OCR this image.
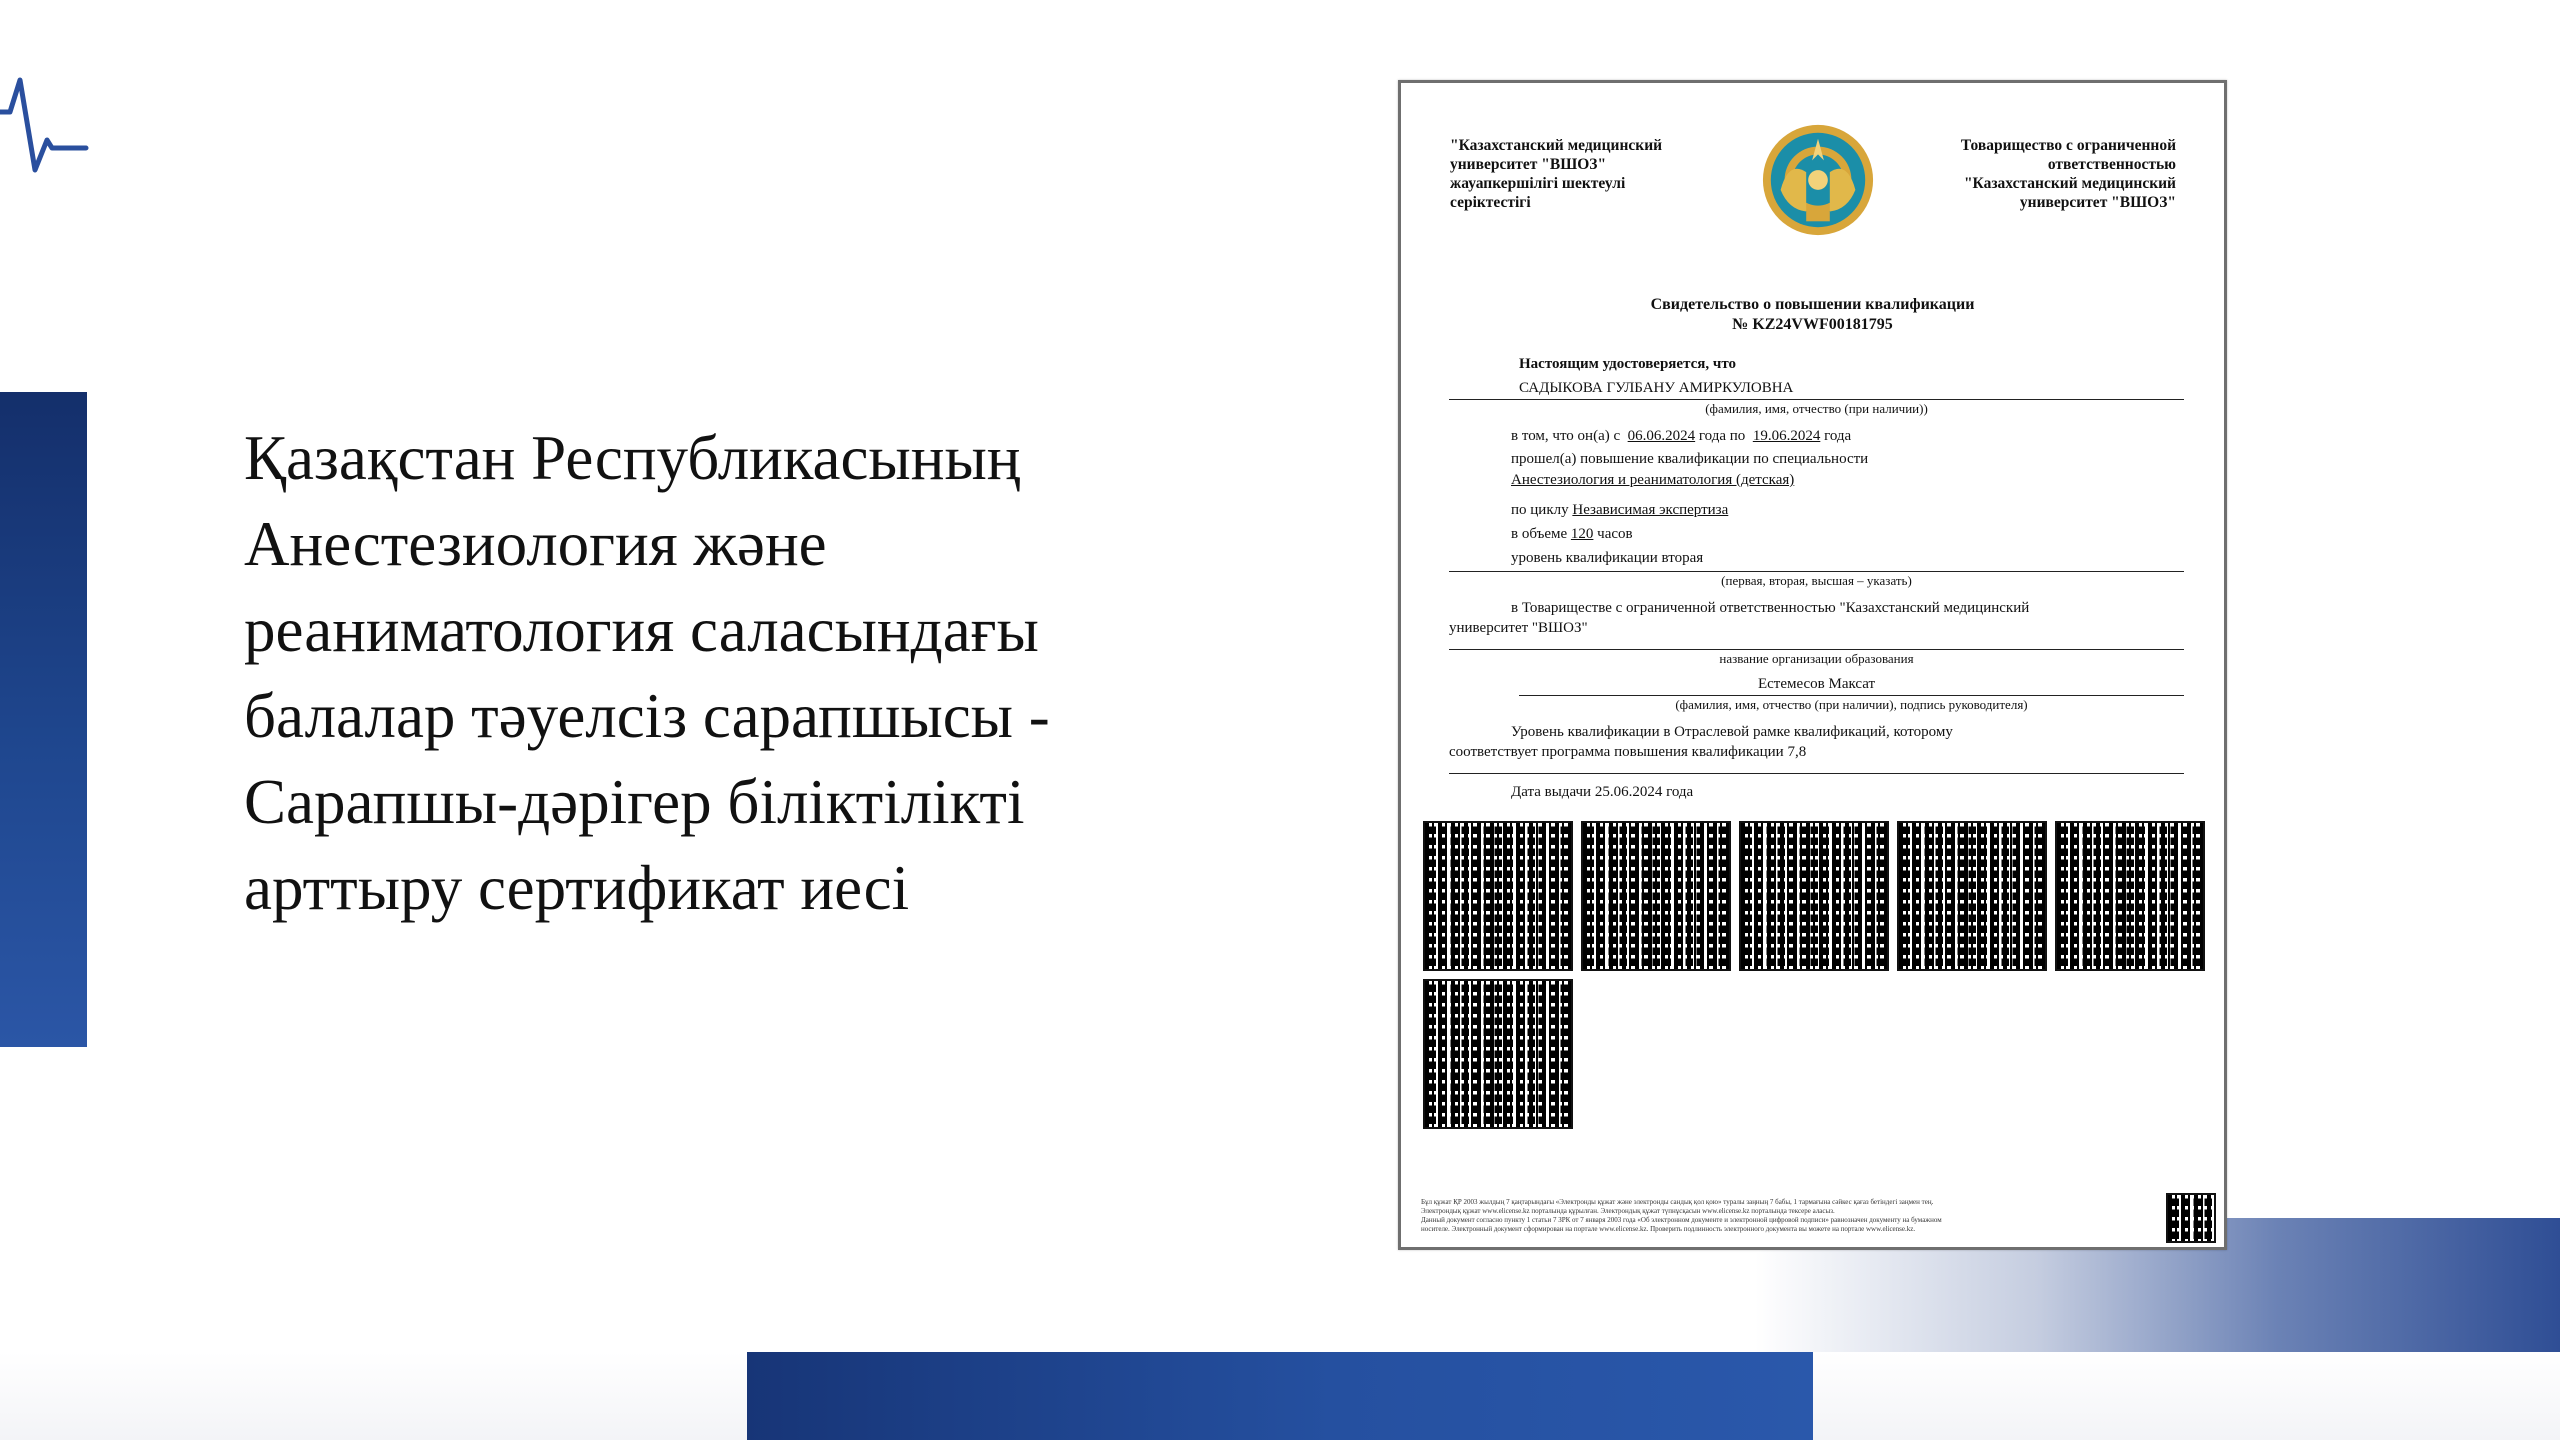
Қазақстан Республикасының
Анестезиология және
реаниматология саласындағы
балалар тәуелсіз сарапшысы -
Сарапшы-дәрігер біліктілікті
арттыру сертификат иесі
"Казахстанский медицинский
университет "ВШОЗ"
жауапкершілігі шектеулі
серіктестігі
Товарищество с ограниченной
ответственностью
"Казахстанский медицинский
университет "ВШОЗ"
Свидетельство о повышении квалификации
№ KZ24VWF00181795
Настоящим удостоверяется, что
САДЫКОВА ГУЛБАНУ АМИРКУЛОВНА
(фамилия, имя, отчество (при наличии))
в том, что он(а) с 06.06.2024 года по 19.06.2024 года
прошел(а) повышение квалификации по специальности
Анестезиология и реаниматология (детская)
по циклу Независимая экспертиза
в объеме 120 часов
уровень квалификации вторая
(первая, вторая, высшая – указать)
в Товариществе с ограниченной ответственностью "Казахстанский медицинский
университет "ВШОЗ"
название организации образования
Естемесов Максат
(фамилия, имя, отчество (при наличии), подпись руководителя)
Уровень квалификации в Отраслевой рамке квалификаций, которому
соответствует программа повышения квалификации 7,8
Дата выдачи 25.06.2024 года
Бұл құжат ҚР 2003 жылдың 7 қаңтарындағы «Электронды құжат және электронды сандық қол қою» туралы заңның 7 бабы, 1 тармағына сәйкес қағаз бетіндегі заңмен тең.
Электрондық құжат www.elicense.kz порталында құрылған. Электрондық құжат түпнұсқасын www.elicense.kz порталында тексере аласыз.
Данный документ согласно пункту 1 статьи 7 ЗРК от 7 января 2003 года «Об электронном документе и электронной цифровой подписи» равнозначен документу на бумажном
носителе. Электронный документ сформирован на портале www.elicense.kz. Проверить подлинность электронного документа вы можете на портале www.elicense.kz.
